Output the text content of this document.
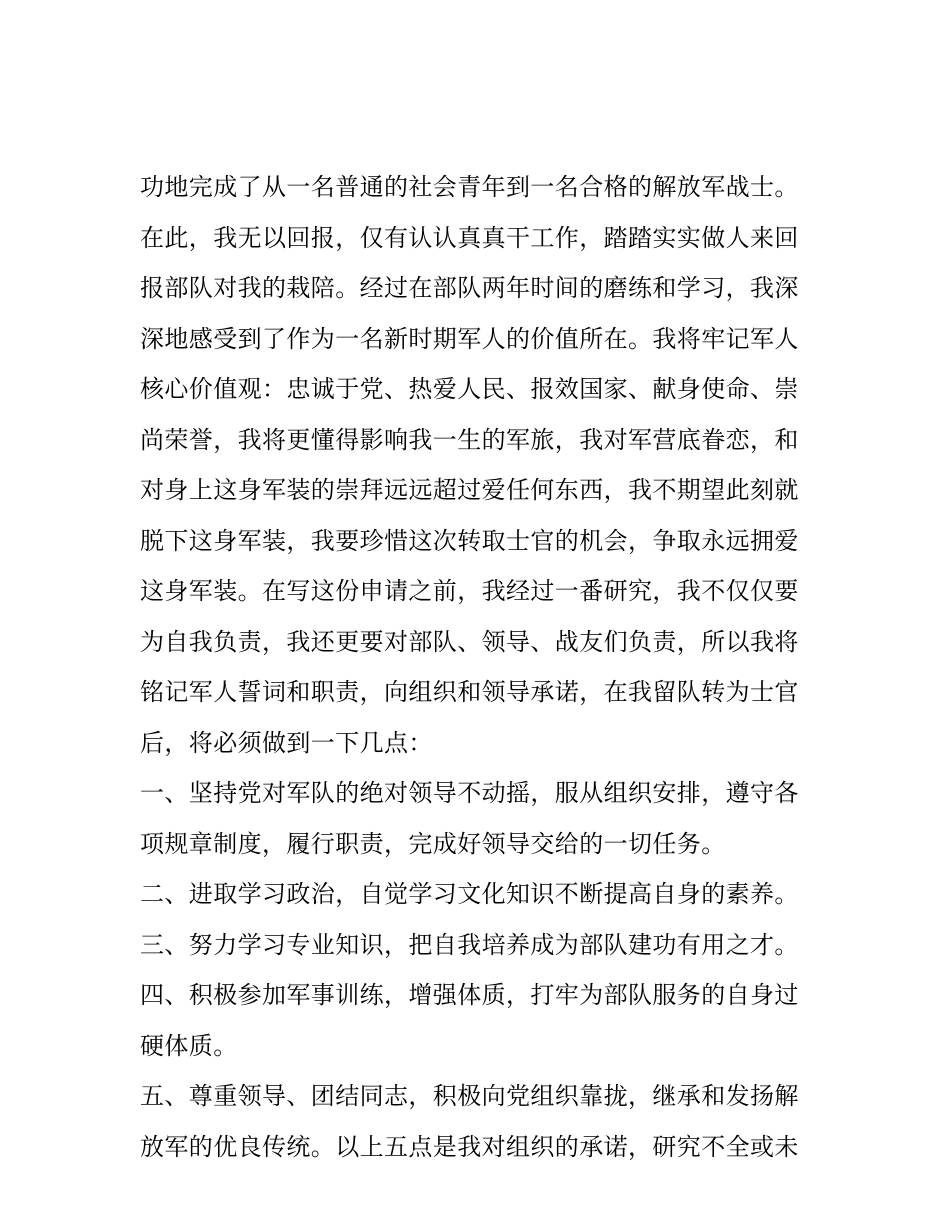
功地完成了从一名普通的社会青年到一名合格的解放军战士。
在此，我无以回报，仅有认认真真干工作，踏踏实实做人来回
报部队对我的栽陪。经过在部队两年时间的磨练和学习，我深
深地感受到了作为一名新时期军人的价值所在。我将牢记军人
核心价值观：忠诚于党、热爱人民、报效国家、献身使命、崇
尚荣誉，我将更懂得影响我一生的军旅，我对军营底眷恋，和
对身上这身军装的崇拜远远超过爱任何东西，我不期望此刻就
脱下这身军装，我要珍惜这次转取士官的机会，争取永远拥爱
这身军装。在写这份申请之前，我经过一番研究，我不仅仅要
为自我负责，我还更要对部队、领导、战友们负责，所以我将
铭记军人誓词和职责，向组织和领导承诺，在我留队转为士官
后，将必须做到一下几点：
一、坚持党对军队的绝对领导不动摇，服从组织安排，遵守各
项规章制度，履行职责，完成好领导交给的一切任务。
二、进取学习政治，自觉学习文化知识不断提高自身的素养。
三、努力学习专业知识，把自我培养成为部队建功有用之才。
四、积极参加军事训练，增强体质，打牢为部队服务的自身过
硬体质。
五、尊重领导、团结同志，积极向党组织靠拢，继承和发扬解
放军的优良传统。以上五点是我对组织的承诺，研究不全或未
